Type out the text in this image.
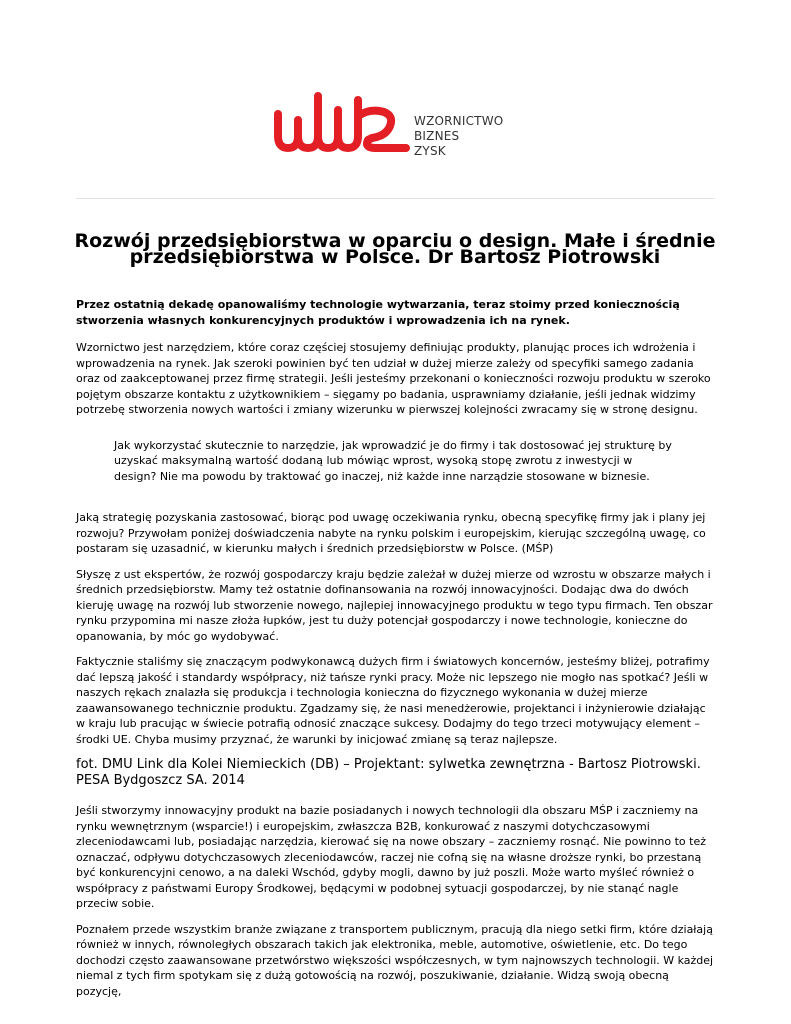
WZORNICTWO
BIZNES
ZYSK
Rozwój przedsiębiorstwa w oparciu o design. Małe i średnie przedsiębiorstwa w Polsce. Dr Bartosz Piotrowski

Przez ostatnią dekadę opanowaliśmy technologie wytwarzania, teraz stoimy przed koniecznością stworzenia własnych konkurencyjnych produktów i wprowadzenia ich na rynek.

Wzornictwo jest narzędziem, które coraz częściej stosujemy definiując produkty, planując proces ich wdrożenia i wprowadzenia na rynek. Jak szeroki powinien być ten udział w dużej mierze zależy od specyfiki samego zadania oraz od zaakceptowanej przez firmę strategii. Jeśli jesteśmy przekonani o konieczności rozwoju produktu w szeroko pojętym obszarze kontaktu z użytkownikiem – sięgamy po badania, usprawniamy działanie, jeśli jednak widzimy potrzebę stworzenia nowych wartości i zmiany wizerunku w pierwszej kolejności zwracamy się w stronę designu.

Jak wykorzystać skutecznie to narzędzie, jak wprowadzić je do firmy i tak dostosować jej strukturę by uzyskać maksymalną wartość dodaną lub mówiąc wprost, wysoką stopę zwrotu z inwestycji w design? Nie ma powodu by traktować go inaczej, niż każde inne narządzie stosowane w biznesie.

Jaką strategię pozyskania zastosować, biorąc pod uwagę oczekiwania rynku, obecną specyfikę firmy jak i plany jej rozwoju? Przywołam poniżej doświadczenia nabyte na rynku polskim i europejskim, kierując szczególną uwagę, co postaram się uzasadnić, w kierunku małych i średnich przedsiębiorstw w Polsce. (MŚP)

Słyszę z ust ekspertów, że rozwój gospodarczy kraju będzie zależał w dużej mierze od wzrostu w obszarze małych i średnich przedsiębiorstw. Mamy też ostatnie dofinansowania na rozwój innowacyjności. Dodając dwa do dwóch kieruję uwagę na rozwój lub stworzenie nowego, najlepiej innowacyjnego produktu w tego typu firmach. Ten obszar rynku przypomina mi nasze złoża łupków, jest tu duży potencjał gospodarczy i nowe technologie, konieczne do opanowania, by móc go wydobywać.

Faktycznie staliśmy się znaczącym podwykonawcą dużych firm i światowych koncernów, jesteśmy bliżej, potrafimy dać lepszą jakość i standardy współpracy, niż tańsze rynki pracy. Może nic lepszego nie mogło nas spotkać? Jeśli w naszych rękach znalazła się produkcja i technologia konieczna do fizycznego wykonania w dużej mierze zaawansowanego technicznie produktu. Zgadzamy się, że nasi menedżerowie, projektanci i inżynierowie działając w kraju lub pracując w świecie potrafią odnosić znaczące sukcesy. Dodajmy do tego trzeci motywujący element – środki UE. Chyba musimy przyznać, że warunki by inicjować zmianę są teraz najlepsze.

fot. DMU Link dla Kolei Niemieckich (DB) – Projektant: sylwetka zewnętrzna - Bartosz Piotrowski. PESA Bydgoszcz SA. 2014

Jeśli stworzymy innowacyjny produkt na bazie posiadanych i nowych technologii dla obszaru MŚP i zaczniemy na rynku wewnętrznym (wsparcie!) i europejskim, zwłaszcza B2B, konkurować z naszymi dotychczasowymi zleceniodawcami lub, posiadając narzędzia, kierować się na nowe obszary – zaczniemy rosnąć. Nie powinno to też oznaczać, odpływu dotychczasowych zleceniodawców, raczej nie cofną się na własne droższe rynki, bo przestaną być konkurencyjni cenowo, a na daleki Wschód, gdyby mogli, dawno by już poszli. Może warto myśleć również o współpracy z państwami Europy Środkowej, będącymi w podobnej sytuacji gospodarczej, by nie stanąć nagle przeciw sobie.

Poznałem przede wszystkim branże związane z transportem publicznym, pracują dla niego setki firm, które działają również w innych, równoległych obszarach takich jak elektronika, meble, automotive, oświetlenie, etc. Do tego dochodzi często zaawansowane przetwórstwo większości współczesnych, w tym najnowszych technologii. W każdej niemal z tych firm spotykam się z dużą gotowością na rozwój, poszukiwanie, działanie. Widzą swoją obecną pozycję,
